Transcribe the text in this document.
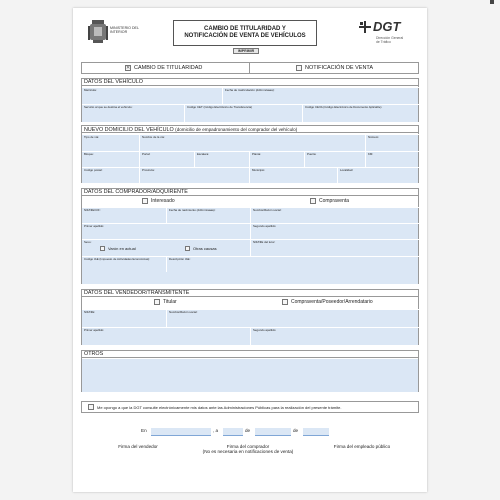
MINISTERIO DEL INTERIOR
CAMBIO DE TITULARIDAD Y
NOTIFICACIÓN DE VENTA DE VEHÍCULOS
IMPRIMIR
DGT
Dirección General de Tráfico
✕ CAMBIO DE TITULARIDAD	NOTIFICACIÓN DE VENTA
DATOS DEL VEHÍCULO
Matrícula:	Fecha de matriculación (dd/mm/aaaa):
Servicio al que se destina el vehículo:	Código CET (Código Electrónico de Transferencia)	Código CEVA (Código Electrónico de Documento Aplicable)
NUEVO DOMICILIO DEL VEHÍCULO (domicilio de empadronamiento del comprador del vehículo)
Tipo de vía:	Nombre de la vía:	Número:
Bloque:	Portal:	Escalera:	Planta:	Puerta:	KM:
Código postal:	Provincia:	Municipio:	Localidad:
DATOS DEL COMPRADOR/ADQUIRENTE
Interesado	Compraventa
NIF/NIE/CIF:	Fecha de nacimiento (dd/mm/aaaa):	Nombre/Razón social:
Primer apellido:	Segundo apellido:
Sexo:
Varón en actual	Otras causas
NIF/NIE del tutor:
Código IAE (Impuesto de Actividades Económicas):	Descripción IAE:
DATOS DEL VENDEDOR/TRANSMITENTE
Titular	Compraventa/Poseedor/Arrendatario
NIF/NIE:	Nombre/Razón social:
Primer apellido:	Segundo apellido:
OTROS
Me opongo a que la DGT consulte electrónicamente mis datos ante las Administraciones Públicas para la realización del presente trámite.
En	, a	de	de
Firma del vendedor	Firma del comprador
(No es necesaria en notificaciones de venta)
Firma del empleado público
